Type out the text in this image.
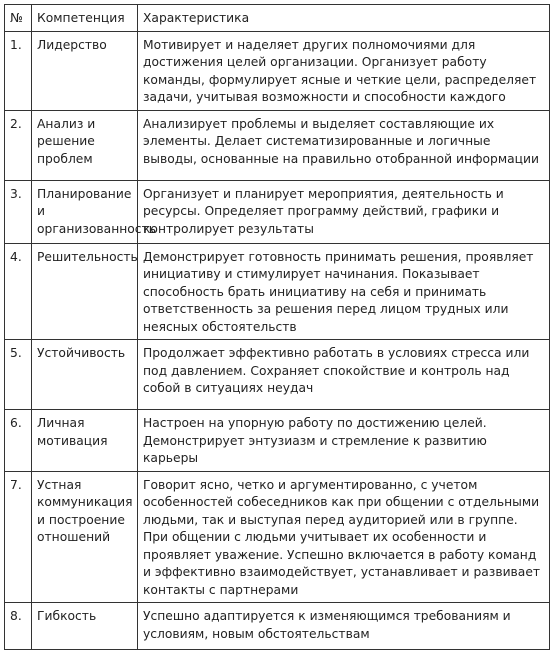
№	Компетенция	Характеристика
1.	Лидерство	Мотивирует и наделяет других полномочиями для достижения целей организации. Организует работу команды, формулирует ясные и четкие цели, распределяет задачи, учитывая возможности и способности каждого
2.	Анализ и решение проблем	Анализирует проблемы и выделяет составляющие их элементы. Делает систематизированные и логичные выводы, основанные на правильно отобранной информации
3.	Планирование и организованность	Организует и планирует мероприятия, деятельность и ресурсы. Определяет программу действий, графики и контролирует результаты
4.	Решительность	Демонстрирует готовность принимать решения, проявляет инициативу и стимулирует начинания. Показывает способность брать инициативу на себя и принимать ответственность за решения перед лицом трудных или неясных обстоятельств
5.	Устойчивость	Продолжает эффективно работать в условиях стресса или под давлением. Сохраняет спокойствие и контроль над собой в ситуациях неудач
6.	Личная мотивация	Настроен на упорную работу по достижению целей. Демонстрирует энтузиазм и стремление к развитию карьеры
7.	Устная коммуникация и построение отношений	Говорит ясно, четко и аргументированно, с учетом особенностей собеседников как при общении с отдельными людьми, так и выступая перед аудиторией или в группе. При общении с людьми учитывает их особенности и проявляет уважение. Успешно включается в работу команд и эффективно взаимодействует, устанавливает и развивает контакты с партнерами
8.	Гибкость	Успешно адаптируется к изменяющимся требованиям и условиям, новым обстоятельствам
